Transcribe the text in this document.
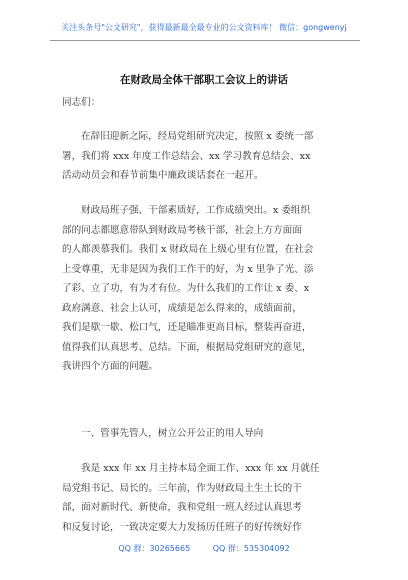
关注头条号"公文研究"，获得最新最全最专业的公文资料库！ 微信：gongwenyj
在财政局全体干部职工会议上的讲话
同志们：
在辞旧迎新之际，经局党组研究决定，按照 x 委统一部
署，我们将 xxx 年度工作总结会、xx 学习教育总结会、xx
活动动员会和春节前集中廉政谈话套在一起开。
财政局班子强、干部素质好，工作成绩突出。x 委组织
部的同志都愿意带队到财政局考核干部，社会上方方面面
的人都羡慕我们。我们 x 财政局在上级心里有位置，在社会
上受尊重，无非是因为我们工作干的好，为 x 里争了光、添
了彩、立了功，有为才有位。为什么我们的工作让 x 委、x
政府满意、社会上认可，成绩是怎么得来的，成绩面前，
我们是歇一歇、松口气，还是瞄准更高目标，整装再奋进，
值得我们认真思考、总结。下面，根据局党组研究的意见，
我讲四个方面的问题。
一、管事先管人，树立公开公正的用人导向
我是 xxx 年 xx 月主持本局全面工作、xxx 年 xx 月就任
局党组书记、局长的。三年前，作为财政局土生土长的干
部，面对新时代、新使命，我和党组一班人经过认真思考
和反复讨论，一致决定要大力发扬历任班子的好传统好作
QQ 群：30265665	QQ 群：535304092
